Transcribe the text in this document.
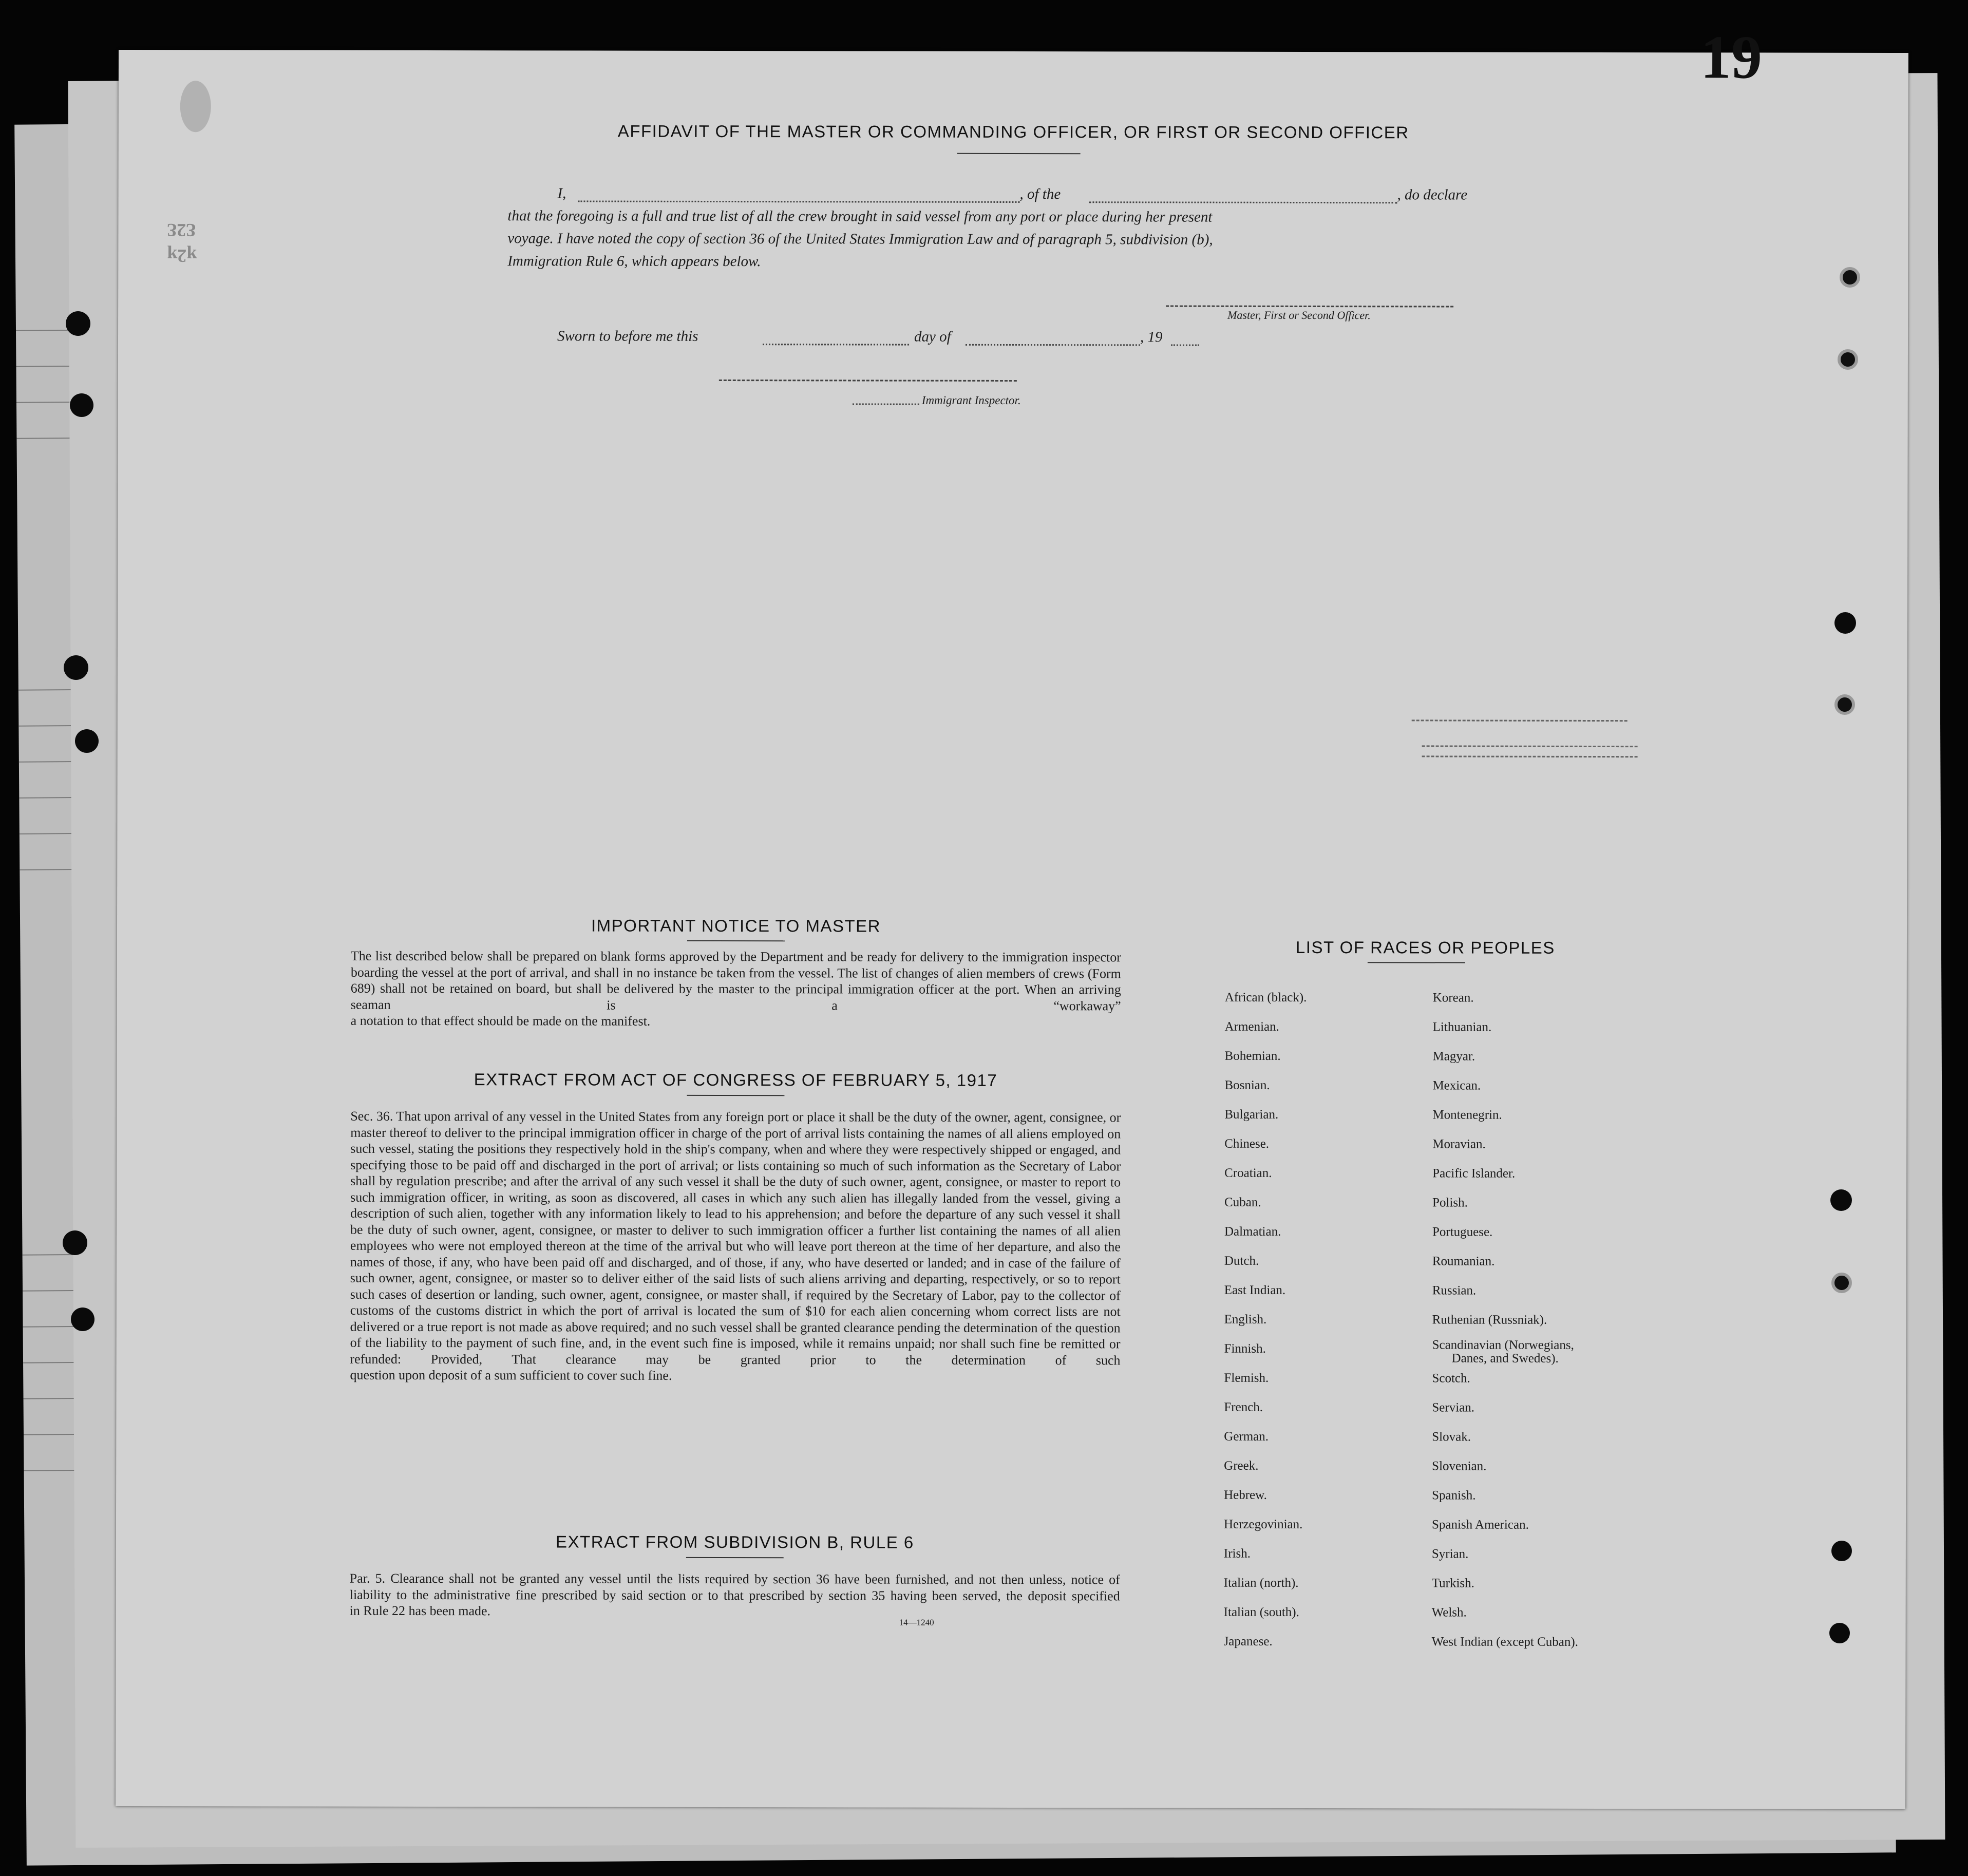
19
Ɛ2Ɛ
ʞ2ʞ
AFFIDAVIT OF THE MASTER OR COMMANDING OFFICER, OR FIRST OR SECOND OFFICER
I,	, of the	, do declare
that the foregoing is a full and true list of all the crew brought in said vessel from any port or place during her present
voyage. I have noted the copy of section 36 of the United States Immigration Law and of paragraph 5, subdivision (b),
Immigration Rule 6, which appears below.
Master, First or Second Officer.
Sworn to before me this	day of	, 19
Immigrant Inspector.
IMPORTANT NOTICE TO MASTER
The list described below shall be prepared on blank forms approved by the Department and be ready for delivery to the immigration inspector boarding the vessel at the port of arrival, and shall in no instance be taken from the vessel. The list of changes of alien members of crews (Form 689) shall not be retained on board, but shall be delivered by the master to the principal immigration officer at the port. When an arriving seaman is a “workaway”
a notation to that effect should be made on the manifest.
EXTRACT FROM ACT OF CONGRESS OF FEBRUARY 5, 1917
Sec. 36. That upon arrival of any vessel in the United States from any foreign port or place it shall be the duty of the owner, agent, consignee, or master thereof to deliver to the principal immigration officer in charge of the port of arrival lists containing the names of all aliens employed on such vessel, stating the positions they respectively hold in the ship's company, when and where they were respectively shipped or engaged, and specifying those to be paid off and discharged in the port of arrival; or lists containing so much of such information as the Secretary of Labor shall by regulation prescribe; and after the arrival of any such vessel it shall be the duty of such owner, agent, consignee, or master to report to such immigration officer, in writing, as soon as discovered, all cases in which any such alien has illegally landed from the vessel, giving a description of such alien, together with any information likely to lead to his apprehension; and before the departure of any such vessel it shall be the duty of such owner, agent, consignee, or master to deliver to such immigration officer a further list containing the names of all alien employees who were not employed thereon at the time of the arrival but who will leave port thereon at the time of her departure, and also the names of those, if any, who have been paid off and discharged, and of those, if any, who have deserted or landed; and in case of the failure of such owner, agent, consignee, or master so to deliver either of the said lists of such aliens arriving and departing, respectively, or so to report such cases of desertion or landing, such owner, agent, consignee, or master shall, if required by the Secretary of Labor, pay to the collector of customs of the customs district in which the port of arrival is located the sum of $10 for each alien concerning whom correct lists are not delivered or a true report is not made as above required; and no such vessel shall be granted clearance pending the determination of the question of the liability to the payment of such fine, and, in the event such fine is imposed, while it remains unpaid; nor shall such fine be remitted or refunded: Provided, That clearance may be granted prior to the determination of such
question upon deposit of a sum sufficient to cover such fine.
EXTRACT FROM SUBDIVISION B, RULE 6
Par. 5. Clearance shall not be granted any vessel until the lists required by section 36 have been furnished, and not then unless, notice of liability to the administrative fine prescribed by said section or to that prescribed by section 35 having been served, the deposit specified
in Rule 22 has been made.
14—1240
LIST OF RACES OR PEOPLES
African (black).
Armenian.
Bohemian.
Bosnian.
Bulgarian.
Chinese.
Croatian.
Cuban.
Dalmatian.
Dutch.
East Indian.
English.
Finnish.
Flemish.
French.
German.
Greek.
Hebrew.
Herzegovinian.
Irish.
Italian (north).
Italian (south).
Japanese.
Korean.
Lithuanian.
Magyar.
Mexican.
Montenegrin.
Moravian.
Pacific Islander.
Polish.
Portuguese.
Roumanian.
Russian.
Ruthenian (Russniak).
Scandinavian (Norwegians,
Danes, and Swedes).
Scotch.
Servian.
Slovak.
Slovenian.
Spanish.
Spanish American.
Syrian.
Turkish.
Welsh.
West Indian (except Cuban).
